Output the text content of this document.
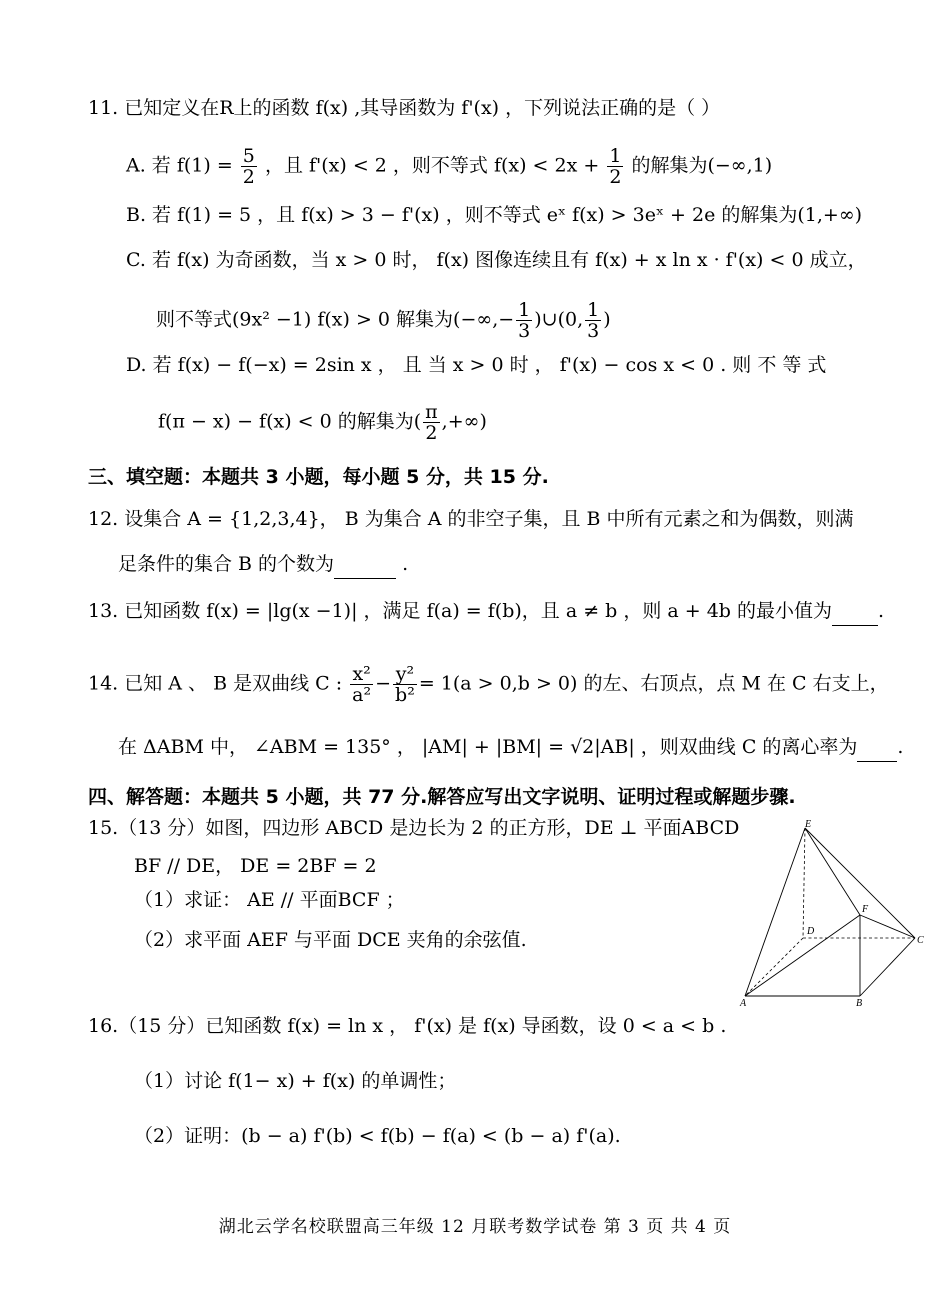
11. 已知定义在R上的函数 f(x) ,其导函数为 f'(x) ，下列说法正确的是（ ）
A. 若 $f(1) = \frac{5}{2}$ ，且 f'(x) < 2 ，则不等式 $f(x) < 2x + \frac{1}{2}$ 的解集为(−∞,1)
B. 若 f(1) = 5 ，且 f(x) > 3 − f'(x) ，则不等式 eˣ f(x) > 3eˣ + 2e 的解集为(1,+∞)
C. 若 f(x) 为奇函数，当 x > 0 时， f(x) 图像连续且有 f(x) + x ln x · f'(x) < 0 成立，
则不等式(9x² −1) f(x) > 0 解集为(−∞,− $\frac{1}{3}$ )∪(0, $\frac{1}{3}$ )
D. 若 f(x) − f(−x) = 2sin x ， 且 当 x > 0 时 ， f'(x) − cos x < 0 . 则 不 等 式
f(π − x) − f(x) < 0 的解集为( $\frac{\pi}{2}$ ,+∞)
三、填空题：本题共 3 小题，每小题 5 分，共 15 分.
12. 设集合 A = {1,2,3,4}， B 为集合 A 的非空子集，且 B 中所有元素之和为偶数，则满
足条件的集合 B 的个数为	.
13. 已知函数 f(x) = |lg(x −1)| ，满足 f(a) = f(b)，且 a ≠ b ，则 a + 4b 的最小值为 .
14. 已知 A 、 B 是双曲线 C : $\frac{\text{x²}}{\text{a²}} - \frac{\text{y²}}{\text{b²}} = 1(a > 0,b > 0)$ 的左、右顶点，点 M 在 C 右支上，
在 ΔABM 中， ∠ABM = 135° ， |AM| + |BM| = √2|AB| ，则双曲线 C 的离心率为 .
四、解答题：本题共 5 小题，共 77 分.解答应写出文字说明、证明过程或解题步骤.
15.（13 分）如图，四边形 ABCD 是边长为 2 的正方形，DE ⊥ 平面ABCD
BF // DE， DE = 2BF = 2
（1）求证： AE // 平面BCF ；
（2）求平面 AEF 与平面 DCE 夹角的余弦值.
E
F
D
C
A	B
16.（15 分）已知函数 f(x) = ln x ， f'(x) 是 f(x) 导函数，设 0 < a < b .
（1）讨论 f(1− x) + f(x) 的单调性；
（2）证明：(b − a) f'(b) < f(b) − f(a) < (b − a) f'(a).
湖北云学名校联盟高三年级 12 月联考数学试卷 第 3 页 共 4 页
